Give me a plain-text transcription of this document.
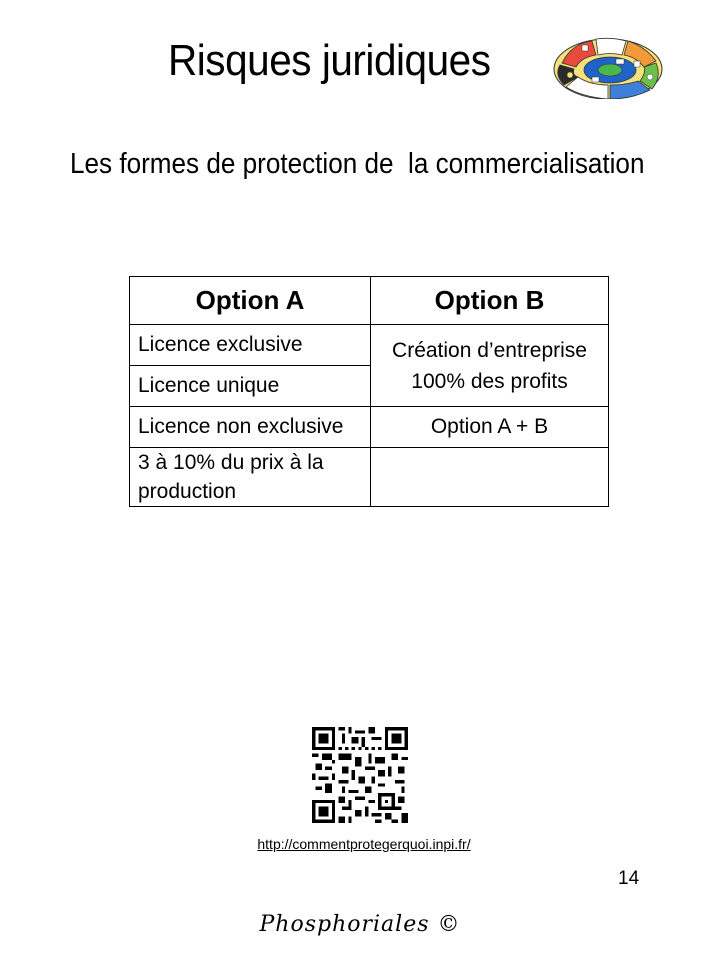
Risques juridiques
Les formes de protection de  la commercialisation
Option A	Option B
Licence exclusive	Création d’entreprise 100% des profits
Licence unique	
Licence non exclusive	Option A + B
3 à 10% du prix à la production	
http://commentprotegerquoi.inpi.fr/
14
Phosphoriales ©
